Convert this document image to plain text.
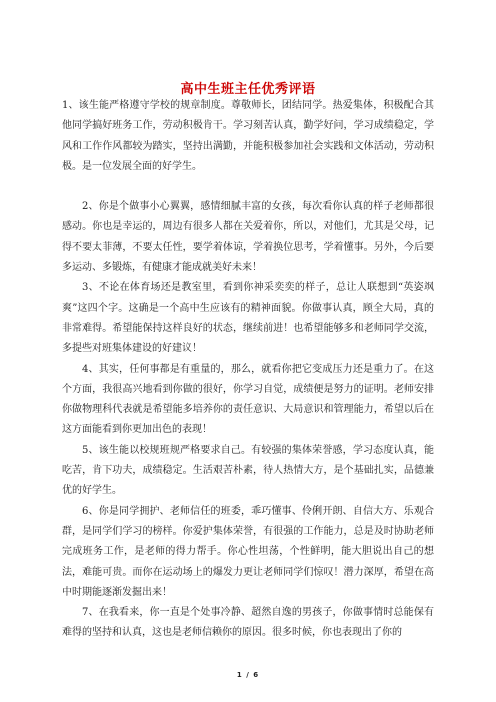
高中生班主任优秀评语

1、该生能严格遵守学校的规章制度。尊敬师长，团结同学。热爱集体，积极配合其他同学搞好班务工作，劳动积极肯干。学习刻苦认真，勤学好问，学习成绩稳定，学风和工作作风都较为踏实，坚持出满勤，并能积极参加社会实践和文体活动，劳动积极。是一位发展全面的好学生。

2、你是个做事小心翼翼，感情细腻丰富的女孩，每次看你认真的样子老师都很感动。你也是幸运的，周边有很多人都在关爱着你，所以，对他们，尤其是父母，记得不要太菲薄，不要太任性，要学着体谅，学着换位思考，学着懂事。另外，今后要多运动、多锻炼，有健康才能成就美好未来！

3、不论在体育场还是教室里，看到你神采奕奕的样子，总让人联想到“英姿飒爽”这四个字。这确是一个高中生应该有的精神面貌。你做事认真，顾全大局，真的非常难得。希望能保持这样良好的状态，继续前进！也希望能够多和老师同学交流，多提些对班集体建设的好建议！

4、其实，任何事都是有重量的，那么，就看你把它变成压力还是重力了。在这个方面，我很高兴地看到你做的很好，你学习自觉，成绩便是努力的证明。老师安排你做物理科代表就是希望能多培养你的责任意识、大局意识和管理能力，希望以后在这方面能看到你更加出色的表现！

5、该生能以校规班规严格要求自己。有较强的集体荣誉感，学习态度认真，能吃苦，肯下功夫，成绩稳定。生活艰苦朴素，待人热情大方，是个基础扎实，品德兼优的好学生。

6、你是同学拥护、老师信任的班委，乖巧懂事、伶俐开朗、自信大方、乐观合群，是同学们学习的榜样。你爱护集体荣誉，有很强的工作能力，总是及时协助老师完成班务工作，是老师的得力帮手。你心性坦荡，个性鲜明，能大胆说出自己的想法，难能可贵。而你在运动场上的爆发力更让老师同学们惊叹！潜力深厚，希望在高中时期能逐渐发掘出来！

7、在我看来，你一直是个处事冷静、超然自逸的男孩子，你做事情时总能保有难得的坚持和认真，这也是老师信赖你的原因。很多时候，你也表现出了你的

1 / 6
